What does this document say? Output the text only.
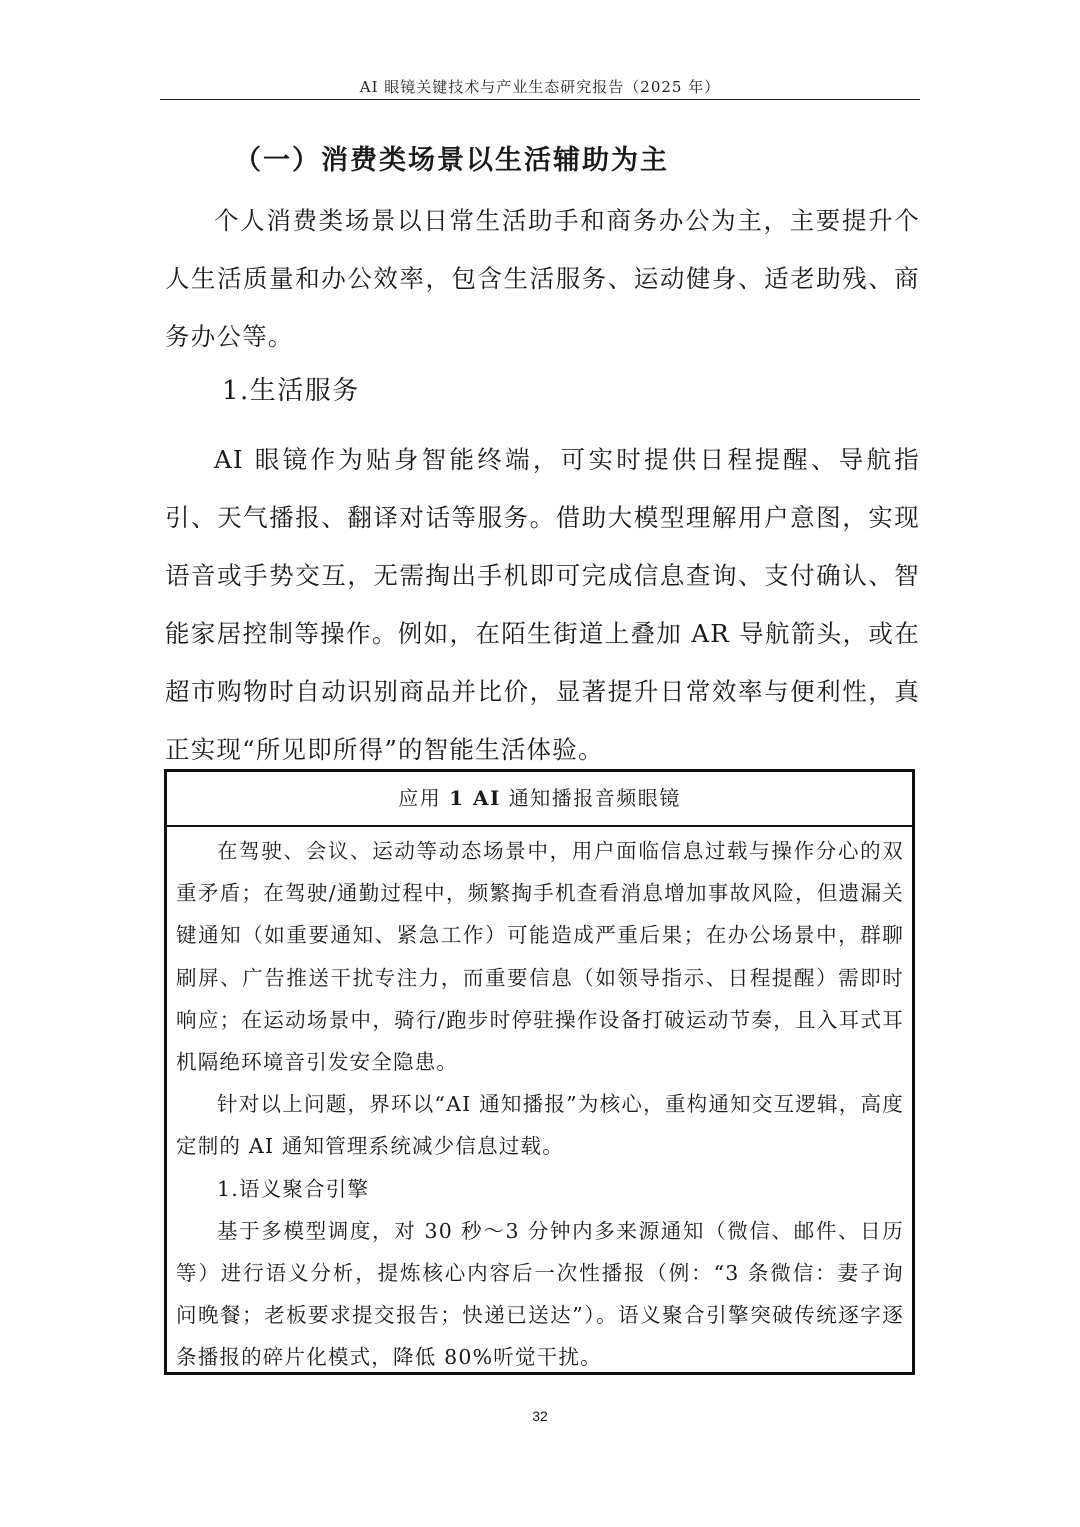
AI 眼镜关键技术与产业生态研究报告（2025 年）
（一）消费类场景以生活辅助为主

个人消费类场景以日常生活助手和商务办公为主，主要提升个人生活质量和办公效率，包含生活服务、运动健身、适老助残、商务办公等。

1.生活服务

AI 眼镜作为贴身智能终端，可实时提供日程提醒、导航指引、天气播报、翻译对话等服务。借助大模型理解用户意图，实现语音或手势交互，无需掏出手机即可完成信息查询、支付确认、智能家居控制等操作。例如，在陌生街道上叠加 AR 导航箭头，或在超市购物时自动识别商品并比价，显著提升日常效率与便利性，真正实现“所见即所得”的智能生活体验。

应用 1 AI 通知播报音频眼镜

在驾驶、会议、运动等动态场景中，用户面临信息过载与操作分心的双重矛盾；在驾驶/通勤过程中，频繁掏手机查看消息增加事故风险，但遗漏关键通知（如重要通知、紧急工作）可能造成严重后果；在办公场景中，群聊刷屏、广告推送干扰专注力，而重要信息（如领导指示、日程提醒）需即时响应；在运动场景中，骑行/跑步时停驻操作设备打破运动节奏，且入耳式耳机隔绝环境音引发安全隐患。

针对以上问题，界环以“AI 通知播报”为核心，重构通知交互逻辑，高度定制的 AI 通知管理系统减少信息过载。

1.语义聚合引擎

基于多模型调度，对 30 秒～3 分钟内多来源通知（微信、邮件、日历等）进行语义分析，提炼核心内容后一次性播报（例：“3 条微信：妻子询问晚餐；老板要求提交报告；快递已送达”）。语义聚合引擎突破传统逐字逐条播报的碎片化模式，降低 80%听觉干扰。

32
